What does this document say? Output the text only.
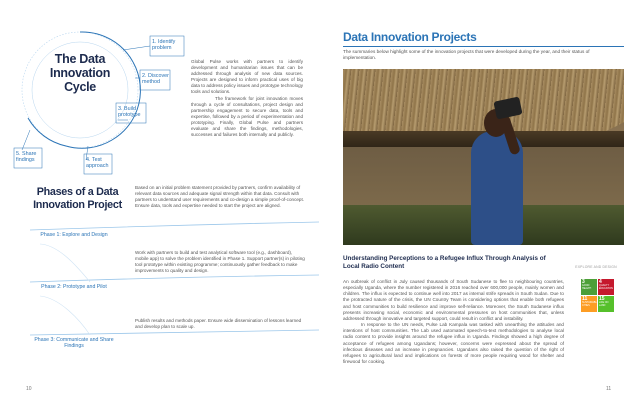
The Data Innovation Cycle
1. Identify problem
2. Discover method
3. Build prototype
4. Test approach
5. Share findings

Global Pulse works with partners to identify development and humanitarian issues that can be addressed through analysis of new data sources. Projects are designed to inform practical uses of big data to address policy issues and prototype technology tools and solutions.

The framework for joint innovation moves through a cycle of consultations, project design and partnership engagement to secure data, tools and expertise, followed by a period of experimentation and prototyping. Finally, Global Pulse and partners evaluate and share the findings, methodologies, successes and failures both internally and publicly.

Phases of a Data Innovation Project
Based on an initial problem statement provided by partners, confirm availability of relevant data sources and adequate signal strength within that data. Consult with partners to understand user requirements and co-design a simple proof-of-concept. Ensure data, tools and expertise needed to start the project are aligned.
Phase 1: Explore and Design
Work with partners to build and test analytical software tool (e.g., dashboard), mobile app) to solve the problem identified in Phase 1. Support partner(s) in piloting tool prototype within existing programme; continuously gather feedback to make improvements to quality and design.
Phase 2: Prototype and Pilot
Publish results and methods paper. Ensure wide dissemination of lessons learned and develop plan to scale up.
Phase 3: Communicate and Share Findings
10
Data Innovation Projects
The summaries below highlight some of the innovation projects that were developed during the year, and their status of implementation.
Understanding Perceptions to a Refugee Influx Through Analysis of Local Radio Content	EXPLORE AND DESIGN

An outbreak of conflict in July caused thousands of South Sudanese to flee to neighbouring countries, especially Uganda, where the number registered in 2016 reached over 600,000 people, mainly women and children. The influx is expected to continue well into 2017 as internal strife spreads in South Sudan. Due to the protracted nature of the crisis, the UN Country Team is considering options that enable both refugees and host communities to build resilience and improve self-reliance. Moreover, the South Sudanese influx presents increasing social, economic and environmental pressures on host communities that, unless addressed through innovative and targeted support, could result in conflict and instability.

In response to the UN needs, Pulse Lab Kampala was tasked with unearthing the attitudes and intentions of host communities. The Lab used automated speech-to-text methodologies to analyse local radio content to provide insights around the refugee influx in Uganda. Findings showed a high degree of acceptance of refugees among Ugandans; however, concerns were expressed about the spread of infectious diseases and an increase in pregnancies. Ugandans also raised the question of the right of refugees to agricultural land and implications on forests of more people requiring wood for shelter and firewood for cooking.

3
GOOD HEALTH
4
QUALITY EDUCATION
11
SUSTAINABLE CITIES
15
LIFE ON LAND
11
